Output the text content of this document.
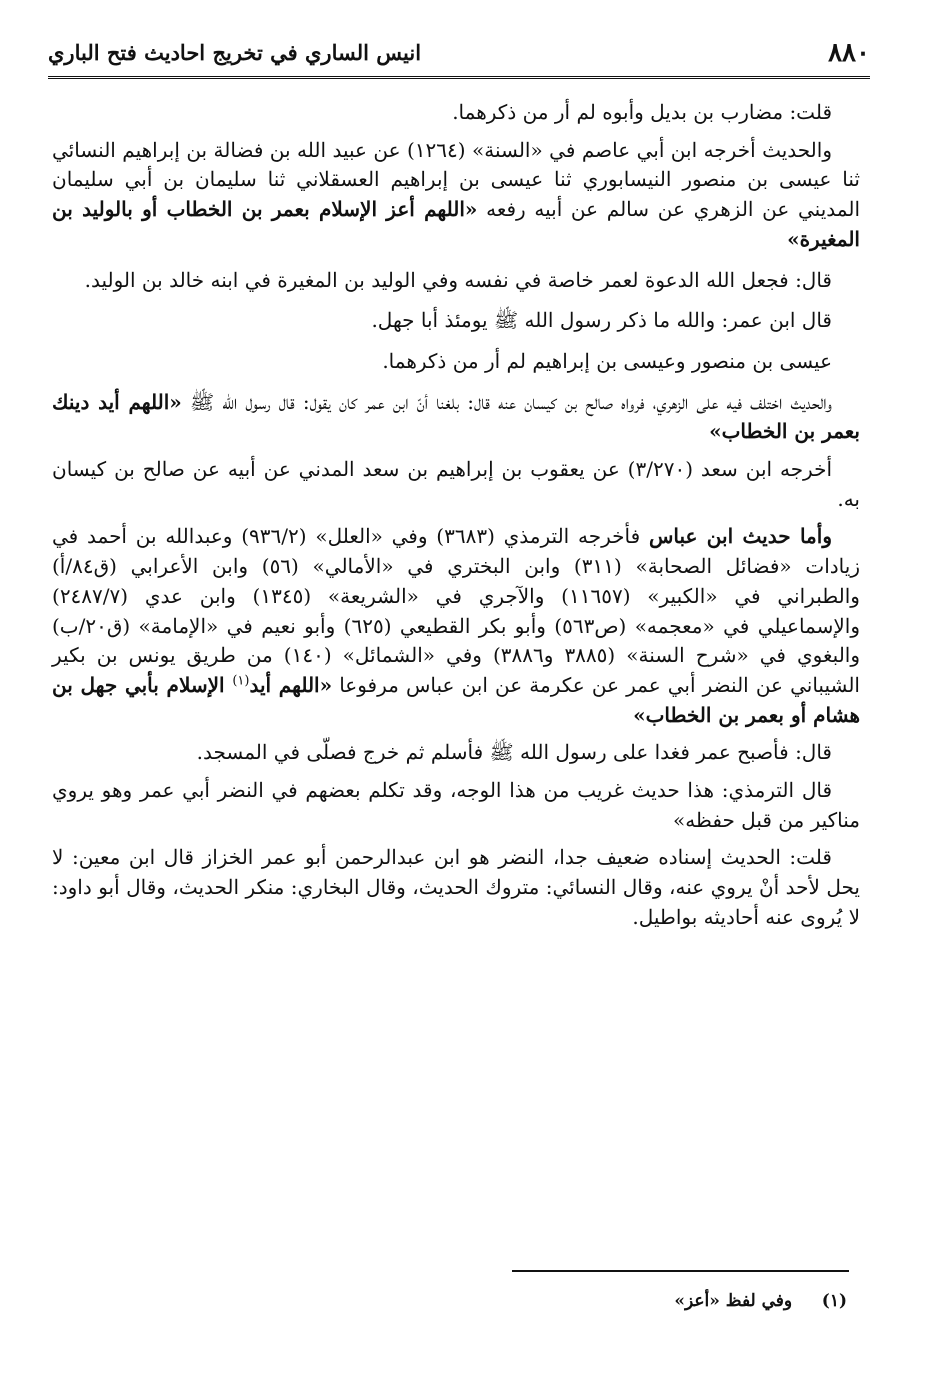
٨٨٠
انيس الساري في تخريج احاديث فتح الباري

قلت: مضارب بن بديل وأبوه لم أر من ذكرهما.

والحديث أخرجه ابن أبي عاصم في «السنة» (١٢٦٤) عن عبيد الله بن فضالة بن إبراهيم النسائي ثنا عيسى بن منصور النيسابوري ثنا عيسى بن إبراهيم العسقلاني ثنا سليمان بن أبي سليمان المديني عن الزهري عن سالم عن أبيه رفعه «اللهم أعز الإسلام بعمر بن الخطاب أو بالوليد بن المغيرة»

قال: فجعل الله الدعوة لعمر خاصة في نفسه وفي الوليد بن المغيرة في ابنه خالد بن الوليد.

قال ابن عمر: والله ما ذكر رسول الله ﷺ يومئذ أبا جهل.

عيسى بن منصور وعيسى بن إبراهيم لم أر من ذكرهما.

والحديث اختلف فيه على الزهري، فرواه صالح بن كيسان عنه قال: بلغنا أنّ ابن عمر كان يقول: قال رسول الله ﷺ «اللهم أيد دينك بعمر بن الخطاب»

أخرجه ابن سعد (٣/٢٧٠) عن يعقوب بن إبراهيم بن سعد المدني عن أبيه عن صالح بن كيسان به.

وأما حديث ابن عباس فأخرجه الترمذي (٣٦٨٣) وفي «العلل» (٩٣٦/٢) وعبدالله بن أحمد في زيادات «فضائل الصحابة» (٣١١) وابن البختري في «الأمالي» (٥٦) وابن الأعرابي (ق٨٤/أ) والطبراني في «الكبير» (١١٦٥٧) والآجري في «الشريعة» (١٣٤٥) وابن عدي (٢٤٨٧/٧) والإسماعيلي في «معجمه» (ص٥٦٣) وأبو بكر القطيعي (٦٢٥) وأبو نعيم في «الإمامة» (ق٢٠/ب) والبغوي في «شرح السنة» (٣٨٨٥ و٣٨٨٦) وفي «الشمائل» (١٤٠) من طريق يونس بن بكير الشيباني عن النضر أبي عمر عن عكرمة عن ابن عباس مرفوعا «اللهم أيد$^{(١)}$ الإسلام بأبي جهل بن هشام أو بعمر بن الخطاب»

قال: فأصبح عمر فغدا على رسول الله ﷺ فأسلم ثم خرج فصلّى في المسجد.

قال الترمذي: هذا حديث غريب من هذا الوجه، وقد تكلم بعضهم في النضر أبي عمر وهو يروي مناكير من قبل حفظه»

قلت: الحديث إسناده ضعيف جدا، النضر هو ابن عبدالرحمن أبو عمر الخزاز قال ابن معين: لا يحل لأحد أنْ يروي عنه، وقال النسائي: متروك الحديث، وقال البخاري: منكر الحديث، وقال أبو داود: لا يُروى عنه أحاديثه بواطيل.

(١)     وفي لفظ «أعز»
